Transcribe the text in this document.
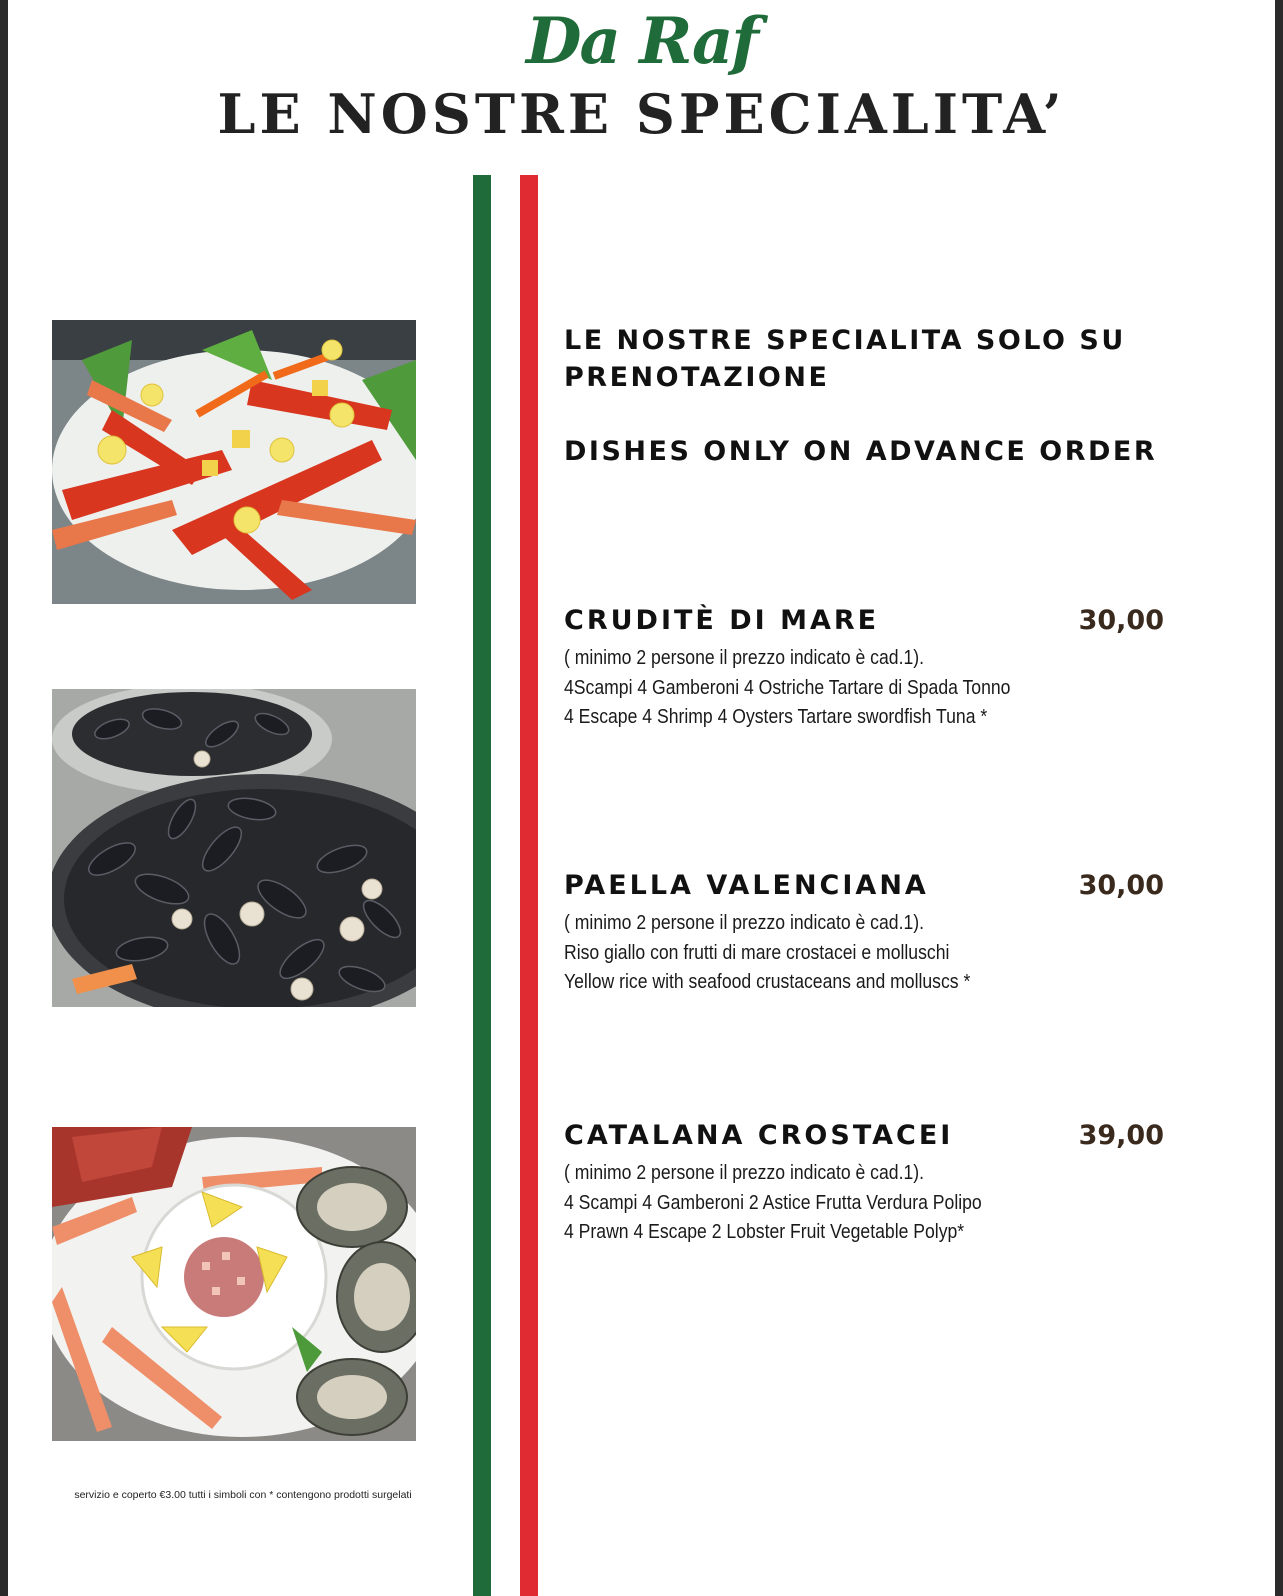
Da Raf
LE NOSTRE SPECIALITA’
servizio e coperto €3.00 tutti i simboli con * contengono prodotti surgelati

LE NOSTRE SPECIALITA SOLO SU PRENOTAZIONE

DISHES ONLY ON ADVANCE ORDER

CRUDITÈ DI MARE	30,00
( minimo 2 persone il prezzo indicato è cad.1).
4Scampi 4 Gamberoni 4 Ostriche Tartare di Spada Tonno
4 Escape 4 Shrimp 4 Oysters Tartare swordfish Tuna *
PAELLA VALENCIANA	30,00
( minimo 2 persone il prezzo indicato è cad.1).
Riso giallo con frutti di mare crostacei e molluschi
Yellow rice with seafood crustaceans and molluscs *
CATALANA CROSTACEI	39,00
( minimo 2 persone il prezzo indicato è cad.1).
4 Scampi 4 Gamberoni 2 Astice Frutta Verdura Polipo
4 Prawn 4 Escape 2 Lobster Fruit Vegetable Polyp*
